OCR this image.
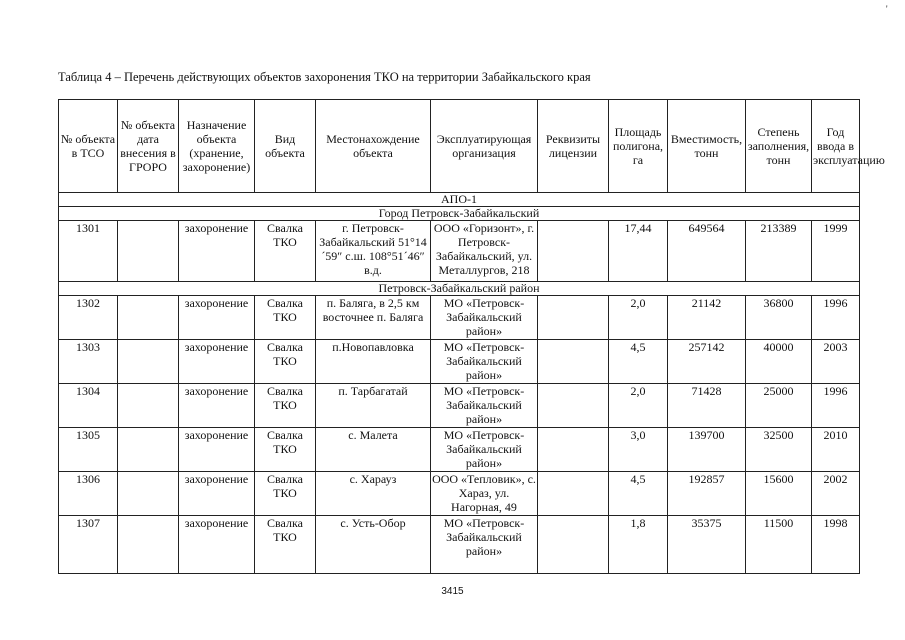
'
Таблица 4 – Перечень действующих объектов захоронения ТКО на территории Забайкальского края
№ объекта в ТСО	№ объекта дата внесения в ГРОРО	Назначение объекта (хранение, захоронение)	Вид объекта	Местонахождение объекта	Эксплуатирующая организация	Реквизиты лицензии	Площадь полигона, га	Вместимость, тонн	Степень заполнения, тонн	Год ввода в эксплуатацию
АПО-1										
Город Петровск-Забайкальский										
1301		захоронение	Свалка ТКО	г. Петровск-Забайкальский 51°14´59″ с.ш. 108°51´46″ в.д.	ООО «Горизонт», г. Петровск-Забайкальский, ул. Металлургов, 218		17,44	649564	213389	1999
Петровск-Забайкальский район										
1302		захоронение	Свалка ТКО	п. Баляга, в 2,5 км восточнее п. Баляга	МО «Петровск-Забайкальский район»		2,0	21142	36800	1996
1303		захоронение	Свалка ТКО	п.Новопавловка	МО «Петровск-Забайкальский район»		4,5	257142	40000	2003
1304		захоронение	Свалка ТКО	п. Тарбагатай	МО «Петровск-Забайкальский район»		2,0	71428	25000	1996
1305		захоронение	Свалка ТКО	с. Малета	МО «Петровск-Забайкальский район»		3,0	139700	32500	2010
1306		захоронение	Свалка ТКО	с. Харауз	ООО «Тепловик», с. Хараз, ул. Нагорная, 49		4,5	192857	15600	2002
1307		захоронение	Свалка ТКО	с. Усть-Обор	МО «Петровск-Забайкальский район»		1,8	35375	11500	1998
3415
